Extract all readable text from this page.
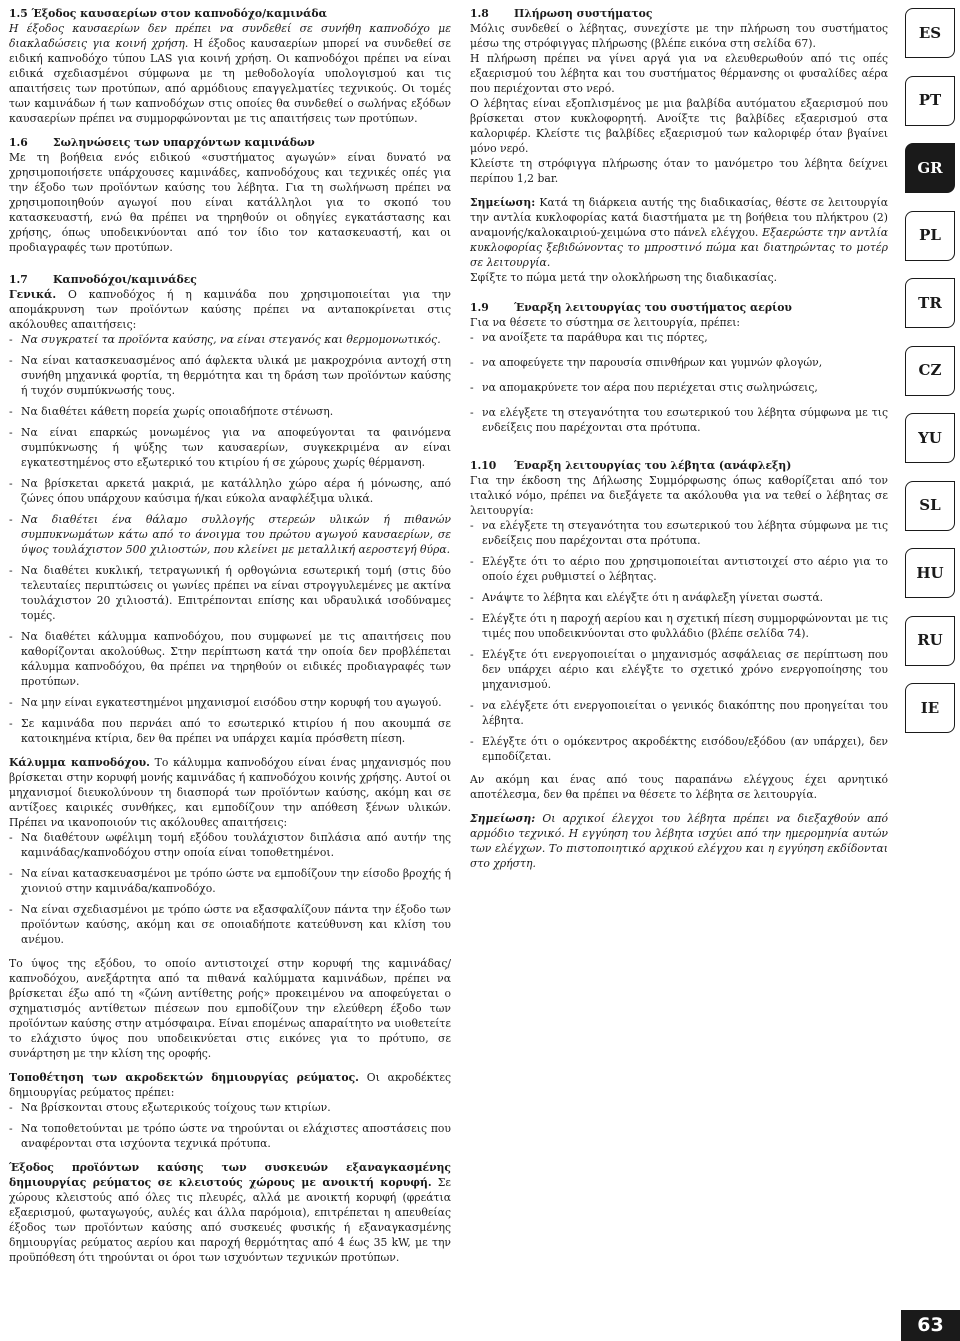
1.5 Έξοδος καυσαερίων στον καπνοδόχο/καμινάδα

Η έξοδος καυσαερίων δεν πρέπει να συνδεθεί σε συνήθη καπνοδόχο με διακλαδώσεις για κοινή χρήση. Η έξοδος καυσαερίων μπορεί να συνδεθεί σε ειδική καπνοδόχο τύπου LAS για κοινή χρήση. Οι καπνοδόχοι πρέπει να είναι ειδικά σχεδιασμένοι σύμφωνα με τη μεθοδολογία υπολογισμού και τις απαιτήσεις των προτύπων, από αρμόδιους επαγγελματίες τεχνικούς. Οι τομές των καμινάδων ή των καπνοδόχων στις οποίες θα συνδεθεί ο σωλήνας εξόδων καυσαερίων πρέπει να συμμορφώνονται με τις απαιτήσεις των προτύπων.

1.6	Σωληνώσεις των υπαρχόντων καμινάδων

Με τη βοήθεια ενός ειδικού «συστήματος αγωγών» είναι δυνατό να χρησιμοποιήσετε υπάρχουσες καμινάδες, καπνοδόχους και τεχνικές οπές για την έξοδο των προϊόντων καύσης του λέβητα. Για τη σωλήνωση πρέπει να χρησιμοποιηθούν αγωγοί που είναι κατάλληλοι για το σκοπό του κατασκευαστή, ενώ θα πρέπει να τηρηθούν οι οδηγίες εγκατάστασης και χρήσης, όπως υποδεικνύονται από τον ίδιο τον κατασκευαστή, και οι προδιαγραφές των προτύπων.

1.7	Καπνοδόχοι/καμινάδες

Γενικά. Ο καπνοδόχος ή η καμινάδα που χρησιμοποιείται για την απομάκρυνση των προϊόντων καύσης πρέπει να ανταποκρίνεται στις ακόλουθες απαιτήσεις:

- Να συγκρατεί τα προϊόντα καύσης, να είναι στεγανός και θερμομονωτικός.
- Να είναι κατασκευασμένος από άφλεκτα υλικά με μακροχρόνια αντοχή στη συνήθη μηχανικά φορτία, τη θερμότητα και τη δράση των προϊόντων καύσης ή τυχόν συμπύκνωσής τους.
- Να διαθέτει κάθετη πορεία χωρίς οποιαδήποτε στένωση.
- Να είναι επαρκώς μονωμένος για να αποφεύγονται τα φαινόμενα συμπύκνωσης ή ψύξης των καυσαερίων, συγκεκριμένα αν είναι εγκατεστημένος στο εξωτερικό του κτιρίου ή σε χώρους χωρίς θέρμανση.
- Να βρίσκεται αρκετά μακριά, με κατάλληλο χώρο αέρα ή μόνωσης, από ζώνες όπου υπάρχουν καύσιμα ή/και εύκολα αναφλέξιμα υλικά.
- Να διαθέτει ένα θάλαμο συλλογής στερεών υλικών ή πιθανών συμπυκνωμάτων κάτω από το άνοιγμα του πρώτου αγωγού καυσαερίων, σε ύψος τουλάχιστον 500 χιλιοστών, που κλείνει με μεταλλική αεροστεγή θύρα.
- Να διαθέτει κυκλική, τετραγωνική ή ορθογώνια εσωτερική τομή (στις δύο τελευταίες περιπτώσεις οι γωνίες πρέπει να είναι στρογγυλεμένες με ακτίνα τουλάχιστον 20 χιλιοστά). Επιτρέπονται επίσης και υδραυλικά ισοδύναμες τομές.
- Να διαθέτει κάλυμμα καπνοδόχου, που συμφωνεί με τις απαιτήσεις που καθορίζονται ακολούθως. Στην περίπτωση κατά την οποία δεν προβλέπεται κάλυμμα καπνοδόχου, θα πρέπει να τηρηθούν οι ειδικές προδιαγραφές των προτύπων.
- Να μην είναι εγκατεστημένοι μηχανισμοί εισόδου στην κορυφή του αγωγού.
- Σε καμινάδα που περνάει από το εσωτερικό κτιρίου ή που ακουμπά σε κατοικημένα κτίρια, δεν θα πρέπει να υπάρχει καμία πρόσθετη πίεση.

Κάλυμμα καπνοδόχου. Το κάλυμμα καπνοδόχου είναι ένας μηχανισμός που βρίσκεται στην κορυφή μονής καμινάδας ή καπνοδόχου κοινής χρήσης. Αυτοί οι μηχανισμοί διευκολύνουν τη διασπορά των προϊόντων καύσης, ακόμη και σε αντίξοες καιρικές συνθήκες, και εμποδίζουν την απόθεση ξένων υλικών. Πρέπει να ικανοποιούν τις ακόλουθες απαιτήσεις:

- Να διαθέτουν ωφέλιμη τομή εξόδου τουλάχιστον διπλάσια από αυτήν της καμινάδας/καπνοδόχου στην οποία είναι τοποθετημένοι.
- Να είναι κατασκευασμένοι με τρόπο ώστε να εμποδίζουν την είσοδο βροχής ή χιονιού στην καμινάδα/καπνοδόχο.
- Να είναι σχεδιασμένοι με τρόπο ώστε να εξασφαλίζουν πάντα την έξοδο των προϊόντων καύσης, ακόμη και σε οποιαδήποτε κατεύθυνση και κλίση του ανέμου.

Το ύψος της εξόδου, το οποίο αντιστοιχεί στην κορυφή της καμινάδας/καπνοδόχου, ανεξάρτητα από τα πιθανά καλύμματα καμινάδων, πρέπει να βρίσκεται έξω από τη «ζώνη αντίθετης ροής» προκειμένου να αποφεύγεται ο σχηματισμός αντίθετων πιέσεων που εμποδίζουν την ελεύθερη έξοδο των προϊόντων καύσης στην ατμόσφαιρα. Είναι επομένως απαραίτητο να υιοθετείτε το ελάχιστο ύψος που υποδεικνύεται στις εικόνες για το πρότυπο, σε συνάρτηση με την κλίση της οροφής.

Τοποθέτηση των ακροδεκτών δημιουργίας ρεύματος. Οι ακροδέκτες δημιουργίας ρεύματος πρέπει:

- Να βρίσκονται στους εξωτερικούς τοίχους των κτιρίων.
- Να τοποθετούνται με τρόπο ώστε να τηρούνται οι ελάχιστες αποστάσεις που αναφέρονται στα ισχύοντα τεχνικά πρότυπα.

Έξοδος προϊόντων καύσης των συσκευών εξαναγκασμένης δημιουργίας ρεύματος σε κλειστούς χώρους με ανοικτή κορυφή. Σε χώρους κλειστούς από όλες τις πλευρές, αλλά με ανοικτή κορυφή (φρεάτια εξαερισμού, φωταγωγούς, αυλές και άλλα παρόμοια), επιτρέπεται η απευθείας έξοδος των προϊόντων καύσης από συσκευές φυσικής ή εξαναγκασμένης δημιουργίας ρεύματος αερίου και παροχή θερμότητας από 4 έως 35 kW, με την προϋπόθεση ότι τηρούνται οι όροι των ισχυόντων τεχνικών προτύπων.

1.8	Πλήρωση συστήματος

Μόλις συνδεθεί ο λέβητας, συνεχίστε με την πλήρωση του συστήματος μέσω της στρόφιγγας πλήρωσης (βλέπε εικόνα στη σελίδα 67).

Η πλήρωση πρέπει να γίνει αργά για να ελευθερωθούν από τις οπές εξαερισμού του λέβητα και του συστήματος θέρμανσης οι φυσαλίδες αέρα που περιέχονται στο νερό.

Ο λέβητας είναι εξοπλισμένος με μια βαλβίδα αυτόματου εξαερισμού που βρίσκεται στον κυκλοφορητή. Ανοίξτε τις βαλβίδες εξαερισμού στα καλοριφέρ. Κλείστε τις βαλβίδες εξαερισμού των καλοριφέρ όταν βγαίνει μόνο νερό.

Κλείστε τη στρόφιγγα πλήρωσης όταν το μανόμετρο του λέβητα δείχνει περίπου 1,2 bar.

Σημείωση: Κατά τη διάρκεια αυτής της διαδικασίας, θέστε σε λειτουργία την αντλία κυκλοφορίας κατά διαστήματα με τη βοήθεια του πλήκτρου (2) αναμονής/καλοκαιριού-χειμώνα στο πάνελ ελέγχου. Εξαερώστε την αντλία κυκλοφορίας ξεβιδώνοντας το μπροστινό πώμα και διατηρώντας το μοτέρ σε λειτουργία.

Σφίξτε το πώμα μετά την ολοκλήρωση της διαδικασίας.

1.9	Έναρξη λειτουργίας του συστήματος αερίου

Για να θέσετε το σύστημα σε λειτουργία, πρέπει:

- να ανοίξετε τα παράθυρα και τις πόρτες,
- να αποφεύγετε την παρουσία σπινθήρων και γυμνών φλογών,
- να απομακρύνετε τον αέρα που περιέχεται στις σωληνώσεις,
- να ελέγξετε τη στεγανότητα του εσωτερικού του λέβητα σύμφωνα με τις ενδείξεις που παρέχονται στα πρότυπα.
1.10	Έναρξη λειτουργίας του λέβητα (ανάφλεξη)

Για την έκδοση της Δήλωσης Συμμόρφωσης όπως καθορίζεται από τον ιταλικό νόμο, πρέπει να διεξάγετε τα ακόλουθα για να τεθεί ο λέβητας σε λειτουργία:

- να ελέγξετε τη στεγανότητα του εσωτερικού του λέβητα σύμφωνα με τις ενδείξεις που παρέχονται στα πρότυπα.
- Ελέγξτε ότι το αέριο που χρησιμοποιείται αντιστοιχεί στο αέριο για το οποίο έχει ρυθμιστεί ο λέβητας.
- Ανάψτε το λέβητα και ελέγξτε ότι η ανάφλεξη γίνεται σωστά.
- Ελέγξτε ότι η παροχή αερίου και η σχετική πίεση συμμορφώνονται με τις τιμές που υποδεικνύονται στο φυλλάδιο (βλέπε σελίδα 74).
- Ελέγξτε ότι ενεργοποιείται ο μηχανισμός ασφάλειας σε περίπτωση που δεν υπάρχει αέριο και ελέγξτε το σχετικό χρόνο ενεργοποίησης του μηχανισμού.
- να ελέγξετε ότι ενεργοποιείται ο γενικός διακόπτης που προηγείται του λέβητα.
- Ελέγξτε ότι ο ομόκεντρος ακροδέκτης εισόδου/εξόδου (αν υπάρχει), δεν εμποδίζεται.

Αν ακόμη και ένας από τους παραπάνω ελέγχους έχει αρνητικό αποτέλεσμα, δεν θα πρέπει να θέσετε το λέβητα σε λειτουργία.

Σημείωση: Οι αρχικοί έλεγχοι του λέβητα πρέπει να διεξαχθούν από αρμόδιο τεχνικό. Η εγγύηση του λέβητα ισχύει από την ημερομηνία αυτών των ελέγχων. Το πιστοποιητικό αρχικού ελέγχου και η εγγύηση εκδίδονται στο χρήστη.

ES
PT
GR
PL
TR
CZ
YU
SL
HU
RU
IE
63
